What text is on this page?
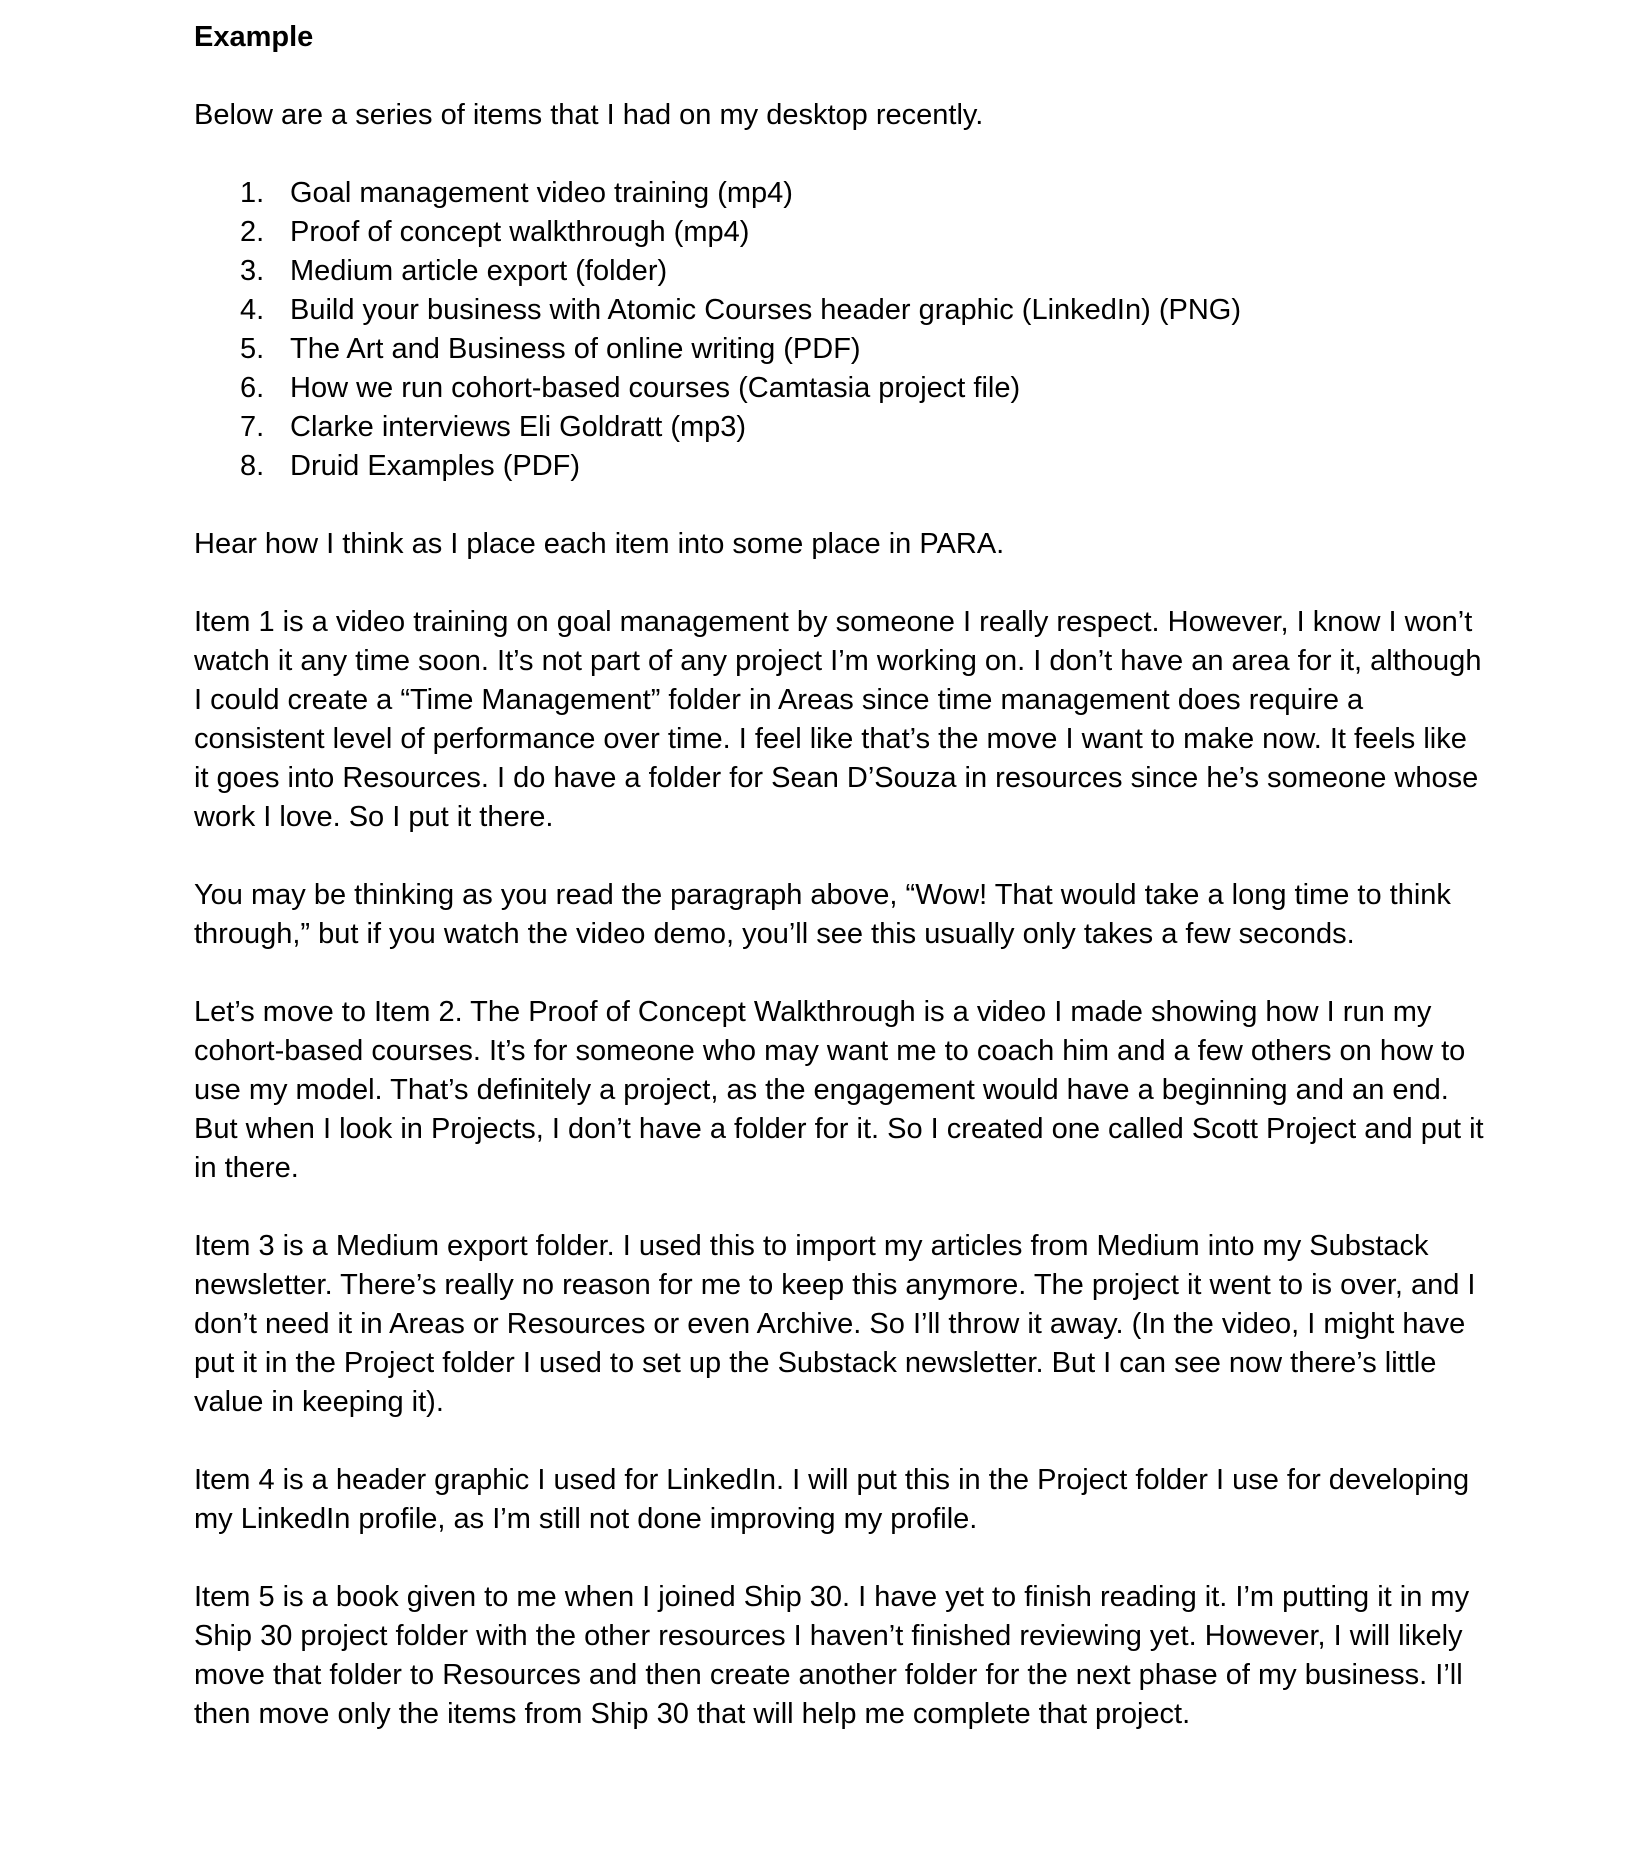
Example

Below are a series of items that I had on my desktop recently.

1. Goal management video training (mp4)
2. Proof of concept walkthrough (mp4)
3. Medium article export (folder)
4. Build your business with Atomic Courses header graphic (LinkedIn) (PNG)
5. The Art and Business of online writing (PDF)
6. How we run cohort-based courses (Camtasia project file)
7. Clarke interviews Eli Goldratt (mp3)
8. Druid Examples (PDF)

Hear how I think as I place each item into some place in PARA.

Item 1 is a video training on goal management by someone I really respect. However, I know I won’t watch it any time soon. It’s not part of any project I’m working on. I don’t have an area for it, although I could create a “Time Management” folder in Areas since time management does require a consistent level of performance over time. I feel like that’s the move I want to make now. It feels like it goes into Resources. I do have a folder for Sean D’Souza in resources since he’s someone whose work I love. So I put it there.

You may be thinking as you read the paragraph above, “Wow! That would take a long time to think through,” but if you watch the video demo, you’ll see this usually only takes a few seconds.

Let’s move to Item 2. The Proof of Concept Walkthrough is a video I made showing how I run my cohort-based courses. It’s for someone who may want me to coach him and a few others on how to use my model. That’s definitely a project, as the engagement would have a beginning and an end. But when I look in Projects, I don’t have a folder for it. So I created one called Scott Project and put it in there.

Item 3 is a Medium export folder. I used this to import my articles from Medium into my Substack newsletter. There’s really no reason for me to keep this anymore. The project it went to is over, and I don’t need it in Areas or Resources or even Archive. So I’ll throw it away. (In the video, I might have put it in the Project folder I used to set up the Substack newsletter. But I can see now there’s little value in keeping it).

Item 4 is a header graphic I used for LinkedIn. I will put this in the Project folder I use for developing my LinkedIn profile, as I’m still not done improving my profile.

Item 5 is a book given to me when I joined Ship 30. I have yet to finish reading it. I’m putting it in my Ship 30 project folder with the other resources I haven’t finished reviewing yet. However, I will likely move that folder to Resources and then create another folder for the next phase of my business. I’ll then move only the items from Ship 30 that will help me complete that project.
